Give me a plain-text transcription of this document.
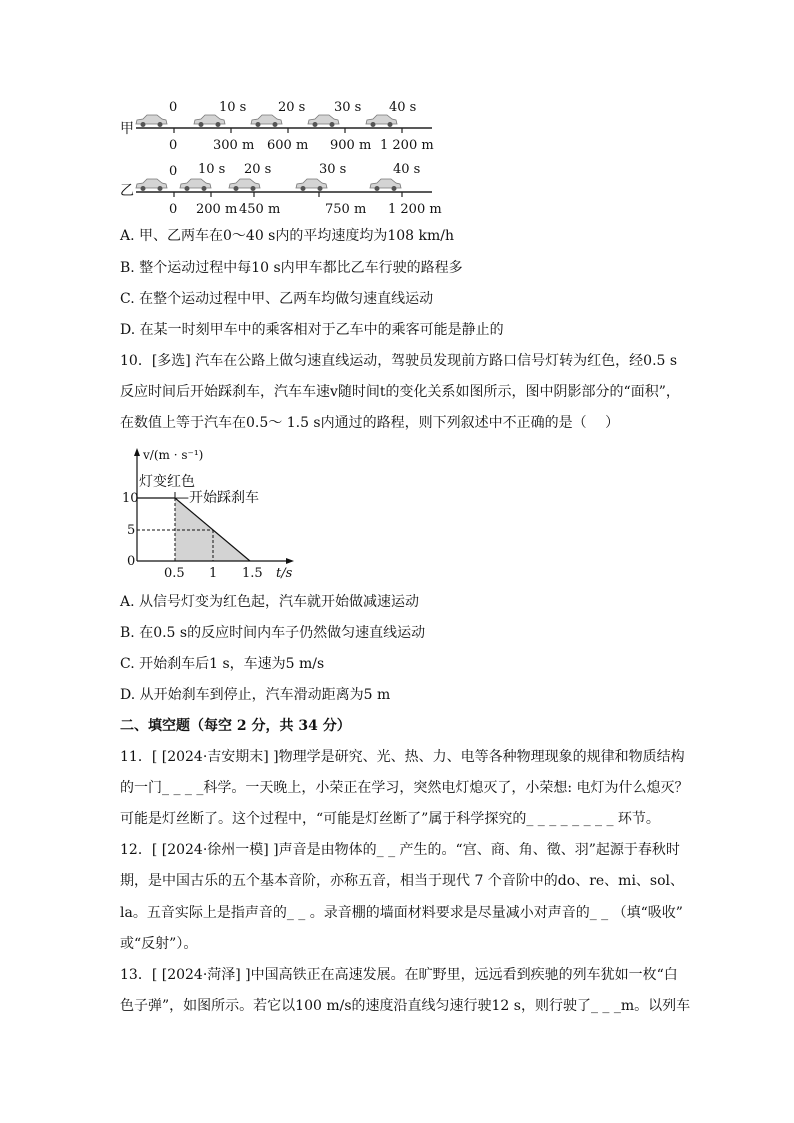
甲
0	10 s 20 s 30 s 40 s
0	300 m 600 m 900 m 1 200 m
乙
0 10 s 20 s	30 s	40 s
0 200 m 450 m	750 m 1 200 m
A. 甲、乙两车在0～40 s内的平均速度均为108 km/h
B. 整个运动过程中每10 s内甲车都比乙车行驶的路程多
C. 在整个运动过程中甲、乙两车均做匀速直线运动
D. 在某一时刻甲车中的乘客相对于乙车中的乘客可能是静止的
10．[多选] 汽车在公路上做匀速直线运动，驾驶员发现前方路口信号灯转为红色，经0.5 s
反应时间后开始踩刹车，汽车车速v随时间t的变化关系如图所示，图中阴影部分的“面积”，
在数值上等于汽车在0.5～ 1.5 s内通过的路程，则下列叙述中不正确的是（　 ）
v/(m · s⁻¹)
灯变红色
—开始踩刹车
10
5
0
0.5 1 1.5 t/s
A. 从信号灯变为红色起，汽车就开始做减速运动
B. 在0.5 s的反应时间内车子仍然做匀速直线运动
C. 开始刹车后1 s，车速为5 m/s
D. 从开始刹车到停止，汽车滑动距离为5 m
二、填空题（每空 2 分，共 34 分）
11．[ [2024·吉安期末] ]物理学是研究、光、热、力、电等各种物理现象的规律和物质结构
的一门_ _ _ _科学。一天晚上，小荣正在学习，突然电灯熄灭了，小荣想: 电灯为什么熄灭？
可能是灯丝断了。这个过程中，“可能是灯丝断了”属于科学探究的_ _ _ _ _ _ _ _ 环节。
12．[ [2024·徐州一模] ]声音是由物体的_ _ 产生的。“宫、商、角、徵、羽”起源于春秋时
期，是中国古乐的五个基本音阶，亦称五音，相当于现代 7 个音阶中的do、re、mi、sol、
la。五音实际上是指声音的_ _ 。录音棚的墙面材料要求是尽量减小对声音的_ _ （填“吸收”
或“反射”）。
13．[ [2024·菏泽] ]中国高铁正在高速发展。在旷野里，远远看到疾驰的列车犹如一枚“白
色子弹”，如图所示。若它以100 m/s的速度沿直线匀速行驶12 s，则行驶了_ _ _m。以列车
